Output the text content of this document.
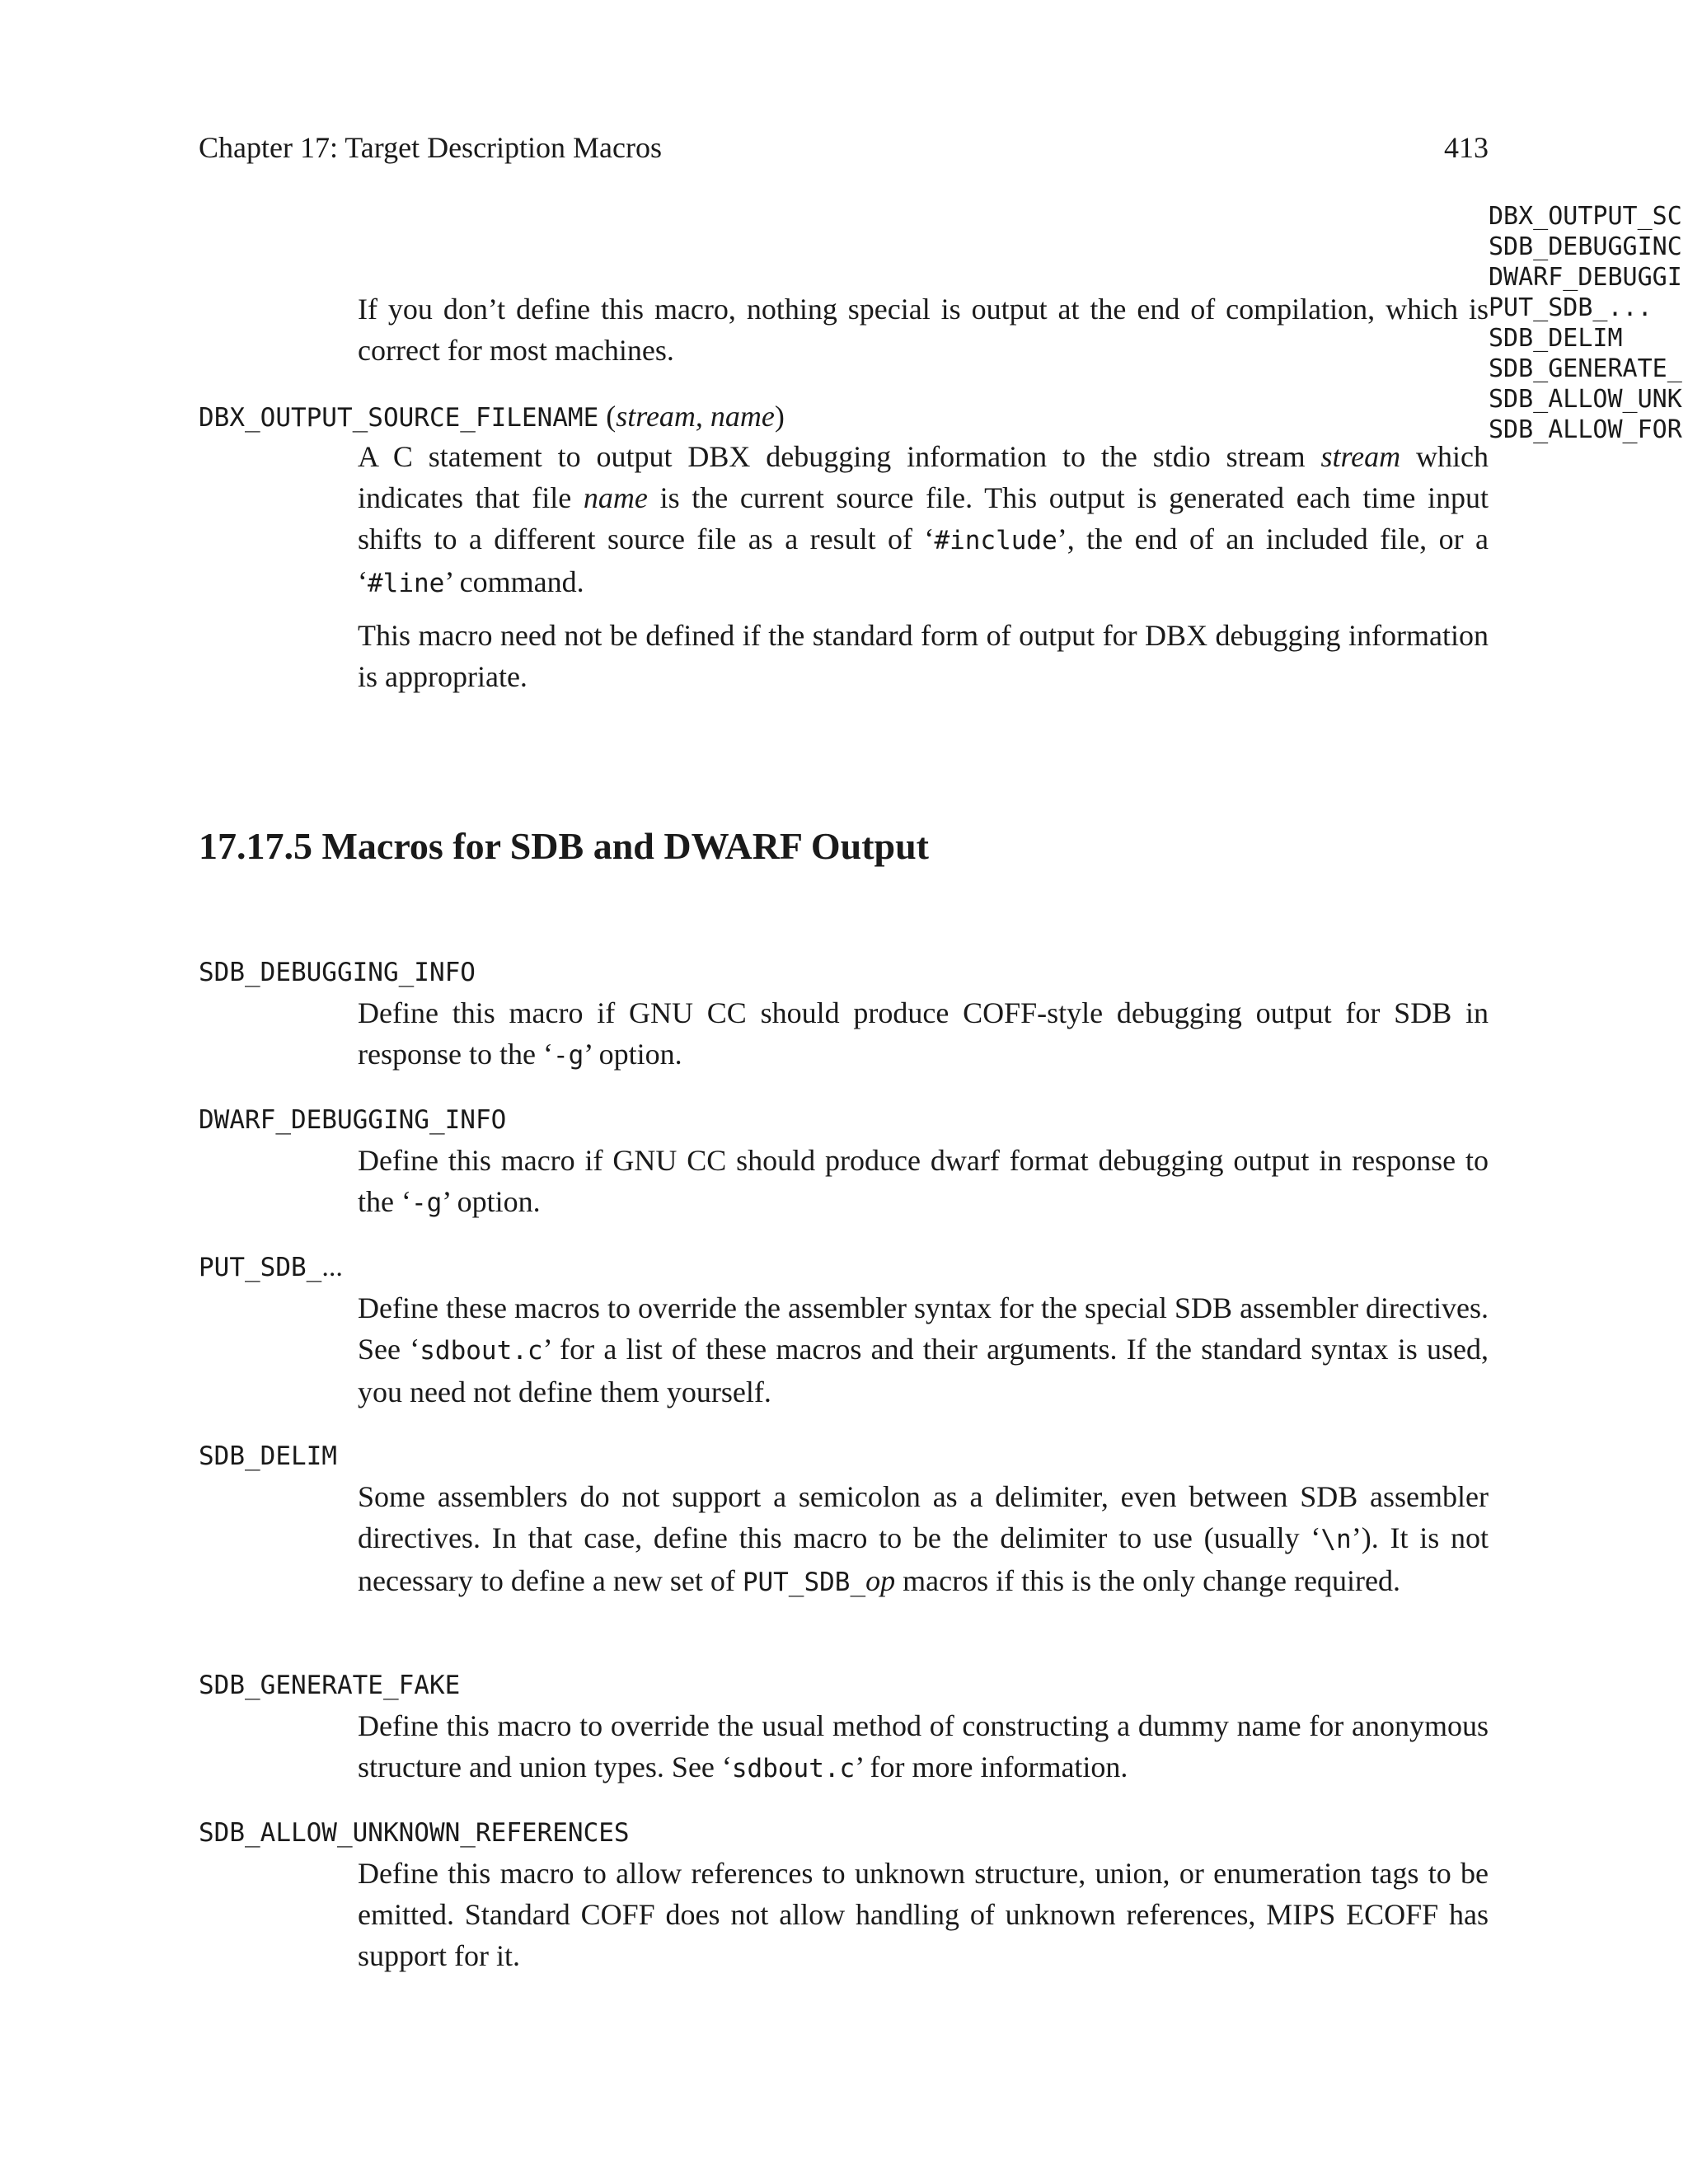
Chapter 17: Target Description Macros	413
DBX_OUTPUT_SC
SDB_DEBUGGINC
DWARF_DEBUGGI
PUT_SDB_...
SDB_DELIM
SDB_GENERATE_
SDB_ALLOW_UNK
SDB_ALLOW_FOR
If you don’t define this macro, nothing special is output at the end of compilation, which is correct for most machines.
DBX_OUTPUT_SOURCE_FILENAME (stream, name)
A C statement to output DBX debugging information to the stdio stream stream which indicates that file name is the current source file. This output is generated each time input shifts to a different source file as a result of ‘#include’, the end of an included file, or a ‘#line’ command.
This macro need not be defined if the standard form of output for DBX debugging information is appropriate.
17.17.5 Macros for SDB and DWARF Output
SDB_DEBUGGING_INFO
Define this macro if GNU CC should produce COFF-style debugging output for SDB in response to the ‘-g’ option.
DWARF_DEBUGGING_INFO
Define this macro if GNU CC should produce dwarf format debugging output in response to the ‘-g’ option.
PUT_SDB_...
Define these macros to override the assembler syntax for the special SDB assembler directives. See ‘sdbout.c’ for a list of these macros and their arguments. If the standard syntax is used, you need not define them yourself.
SDB_DELIM
Some assemblers do not support a semicolon as a delimiter, even between SDB assembler directives. In that case, define this macro to be the delimiter to use (usually ‘\n’). It is not necessary to define a new set of PUT_SDB_op macros if this is the only change required.
SDB_GENERATE_FAKE
Define this macro to override the usual method of constructing a dummy name for anonymous structure and union types. See ‘sdbout.c’ for more information.
SDB_ALLOW_UNKNOWN_REFERENCES
Define this macro to allow references to unknown structure, union, or enumeration tags to be emitted. Standard COFF does not allow handling of unknown references, MIPS ECOFF has support for it.
